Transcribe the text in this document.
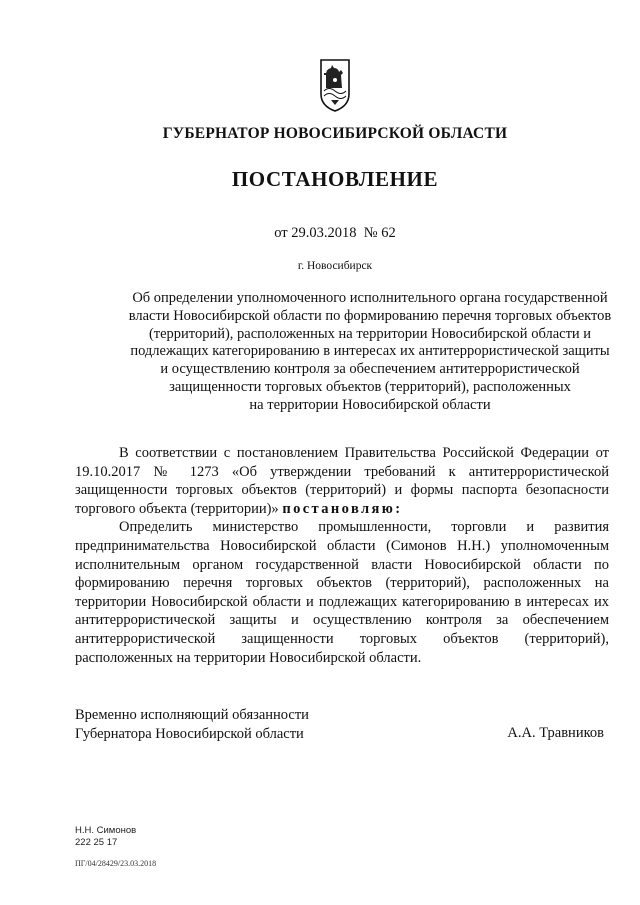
ГУБЕРНАТОР НОВОСИБИРСКОЙ ОБЛАСТИ
ПОСТАНОВЛЕНИЕ
от 29.03.2018  № 62
г. Новосибирск
Об определении уполномоченного исполнительного органа государственной
власти Новосибирской области по формированию перечня торговых объектов
(территорий), расположенных на территории Новосибирской области и
подлежащих категорированию в интересах их антитеррористической защиты
и осуществлению контроля за обеспечением антитеррористической
защищенности торговых объектов (территорий), расположенных
на территории Новосибирской области

В соответствии с постановлением Правительства Российской Федерации от 19.10.2017 № 1273 «Об утверждении требований к антитеррористической защищенности торговых объектов (территорий) и формы паспорта безопасности торгового объекта (территории)» постановляю:

Определить министерство промышленности, торговли и развития предпринимательства Новосибирской области (Симонов Н.Н.) уполномоченным исполнительным органом государственной власти Новосибирской области по формированию перечня торговых объектов (территорий), расположенных на территории Новосибирской области и подлежащих категорированию в интересах их антитеррористической защиты и осуществлению контроля за обеспечением антитеррористической защищенности торговых объектов (территорий), расположенных на территории Новосибирской области.

Временно исполняющий обязанности
Губернатора Новосибирской области	А.А. Травников
Н.Н. Симонов
222 25 17
ПГ/04/28429/23.03.2018
